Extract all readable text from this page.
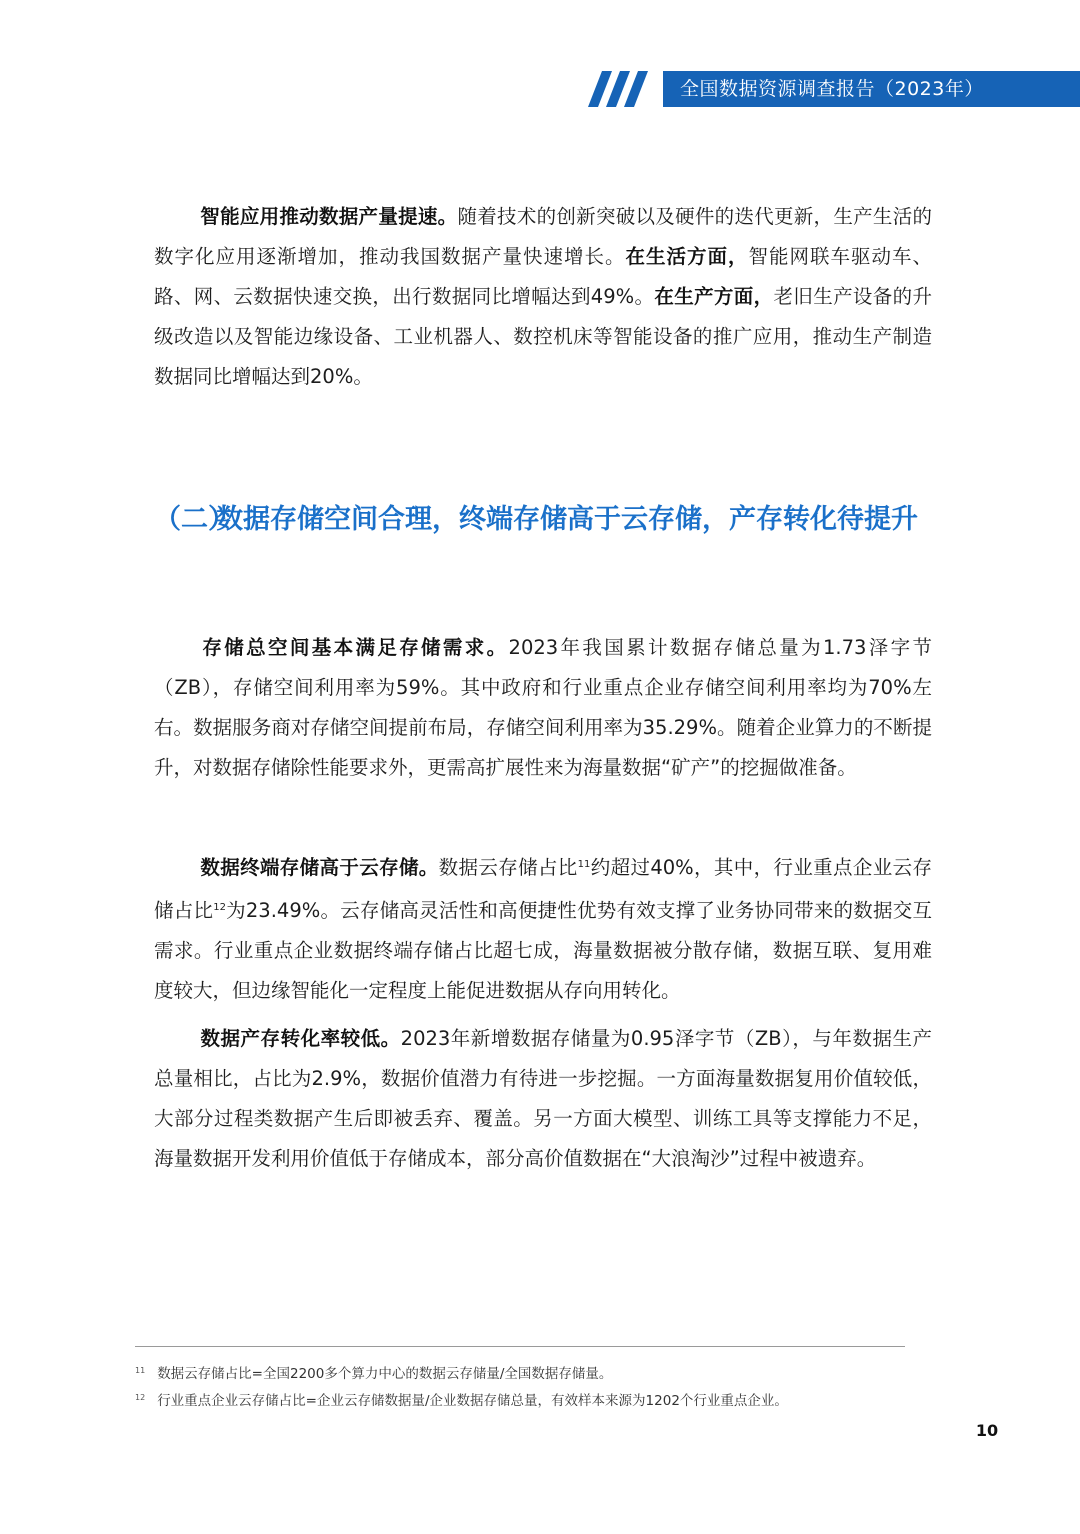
全国数据资源调查报告（2023年）

智能应用推动数据产量提速。随着技术的创新突破以及硬件的迭代更新，生产生活的数字化应用逐渐增加，推动我国数据产量快速增长。在生活方面，智能网联车驱动车、路、网、云数据快速交换，出行数据同比增幅达到49%。在生产方面，老旧生产设备的升级改造以及智能边缘设备、工业机器人、数控机床等智能设备的推广应用，推动生产制造数据同比增幅达到20%。

（二）
数据存储空间合理，终端存储高于云存储，产存转化待提升

存储总空间基本满足存储需求。2023年我国累计数据存储总量为1.73泽字节（ZB），存储空间利用率为59%。其中政府和行业重点企业存储空间利用率均为70%左右。数据服务商对存储空间提前布局，存储空间利用率为35.29%。随着企业算力的不断提升，对数据存储除性能要求外，更需高扩展性来为海量数据“矿产”的挖掘做准备。

数据终端存储高于云存储。数据云存储占比$^{11}$约超过40%，其中，行业重点企业云存储占比$^{12}$为23.49%。云存储高灵活性和高便捷性优势有效支撑了业务协同带来的数据交互需求。行业重点企业数据终端存储占比超七成，海量数据被分散存储，数据互联、复用难度较大，但边缘智能化一定程度上能促进数据从存向用转化。

数据产存转化率较低。2023年新增数据存储量为0.95泽字节（ZB），与年数据生产总量相比，占比为2.9%，数据价值潜力有待进一步挖掘。一方面海量数据复用价值较低，大部分过程类数据产生后即被丢弃、覆盖。另一方面大模型、训练工具等支撑能力不足，海量数据开发利用价值低于存储成本，部分高价值数据在“大浪淘沙”过程中被遗弃。

$^{11}$ 数据云存储占比=全国2200多个算力中心的数据云存储量/全国数据存储量。
$^{12}$ 行业重点企业云存储占比=企业云存储数据量/企业数据存储总量，有效样本来源为1202个行业重点企业。
10
